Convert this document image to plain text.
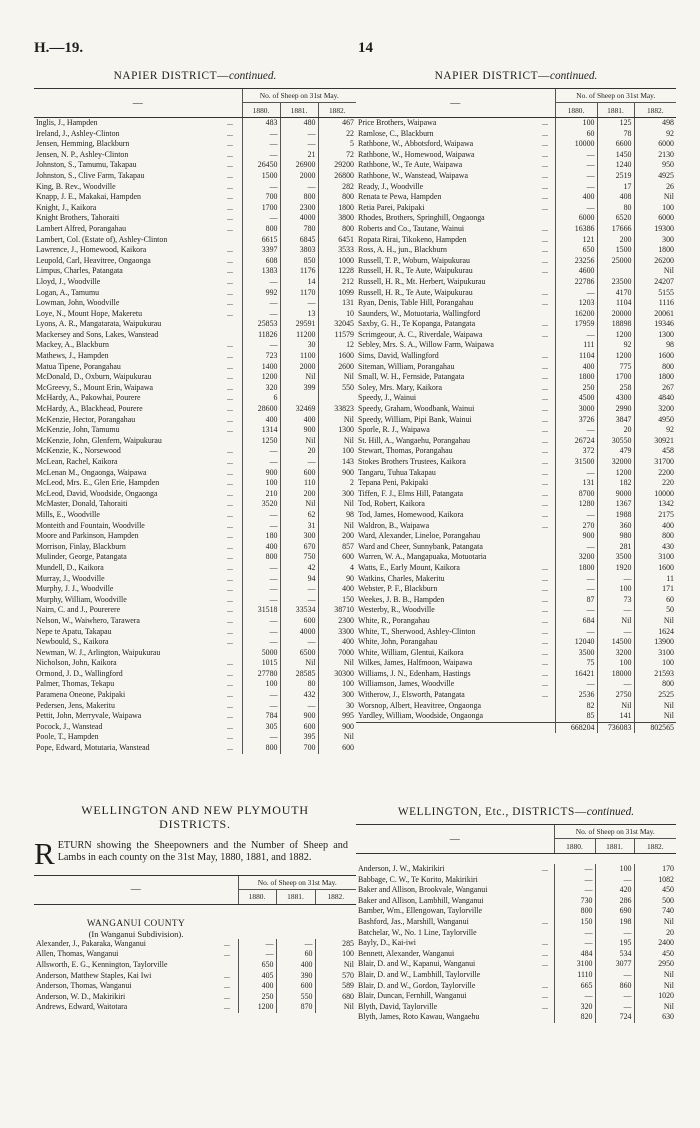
H.—19.	14
NAPIER DISTRICT—continued.
—	No. of Sheep on 31st May.		
	1880.	1881.	1882.
Inglis, J., Hampden	...	483	480	467
Ireland, J., Ashley-Clinton	...	—	—	22
Jensen, Hemming, Blackburn	...	—	—	5
Jensen, N. P., Ashley-Clinton	...	—	21	72
Johnston, S., Tamumu, Takapau	...	26450	26900	29200
Johnston, S., Clive Farm, Takapau	...	1500	2000	26800
King, B. Rev., Woodville	...	—	—	282
Knapp, J. E., Makakai, Hampden	...	700	800	800
Knight, J., Kaikora	...	1700	2300	1800
Knight Brothers, Tahoraiti	...	—	4000	3800
Lambert Alfred, Porangahau	...	800	780	800
Lambert, Col. (Estate of), Ashley-Clinton		6615	6845	6451
Lawrence, J., Homewood, Kaikora	...	3397	3803	3533
Leupold, Carl, Heavitree, Ongaonga	...	608	850	1000
Limpus, Charles, Patangata	...	1383	1176	1228
Lloyd, J., Woodville	...	—	14	212
Logan, A., Tamumu	...	992	1170	1099
Lowman, John, Woodville	...	—	—	131
Loye, N., Mount Hope, Makeretu	...	—	13	10
Lyons, A. R., Mangatarata, Waipukurau		25853	29591	32045
Mackersey and Sons, Lakes, Wanstead		11826	11200	11579
Mackey, A., Blackburn	...	—	30	12
Mathews, J., Hampden	...	723	1100	1600
Matua Tipene, Porangahau	...	1400	2000	2600
McDonald, D., Oxburn, Waipukurau	...	1200	Nil	Nil
McGreevy, S., Mount Erin, Waipawa	...	320	399	550
McHardy, A., Pakowhai, Pourere	...	6		
McHardy, A., Blackhead, Pourere	...	28600	32469	33823
McKenzie, Hector, Porangahau	...	400	400	Nil
McKenzie, John, Tamumu	...	1314	900	1300
McKenzie, John, Glenfern, Waipukurau		1250	Nil	Nil
McKenzie, K., Norsewood	...	—	20	100
McLean, Rachel, Kaikora	...	—	—	143
McLenan M., Ongaonga, Waipawa	...	900	600	900
McLeod, Mrs. E., Glen Erie, Hampden	...	100	110	2
McLeod, David, Woodside, Ongaonga	...	210	200	300
McMaster, Donald, Tahoraiti	...	3520	Nil	Nil
Mills, E., Woodville	...	—	62	98
Monteith and Fountain, Woodville	...	—	31	Nil
Moore and Parkinson, Hampden	...	180	300	200
Morrison, Finlay, Blackburn	...	400	670	857
Mulinder, George, Patangata	...	800	750	600
Mundell, D., Kaikora	...	—	42	4
Murray, J., Woodville	...	—	94	90
Murphy, J. J., Woodville	...	—	—	400
Murphy, William, Woodville	...	—	—	150
Nairn, C. and J., Pourerere	...	31518	33534	38710
Nelson, W., Waiwhero, Tarawera	...	—	600	2300
Nepe te Apatu, Takapau	...	—	4000	3300
Newbould, S., Kaikora	...	—	—	400
Newman, W. J., Arlington, Waipukurau		5000	6500	7000
Nicholson, John, Kaikora	...	1015	Nil	Nil
Ormond, J. D., Wallingford	...	27780	28585	30300
Palmer, Thomas, Tekapu	...	100	80	100
Paramena Oneone, Pakipaki	...	—	432	300
Pedersen, Jens, Makeritu	...	—	—	30
Pettit, John, Merryvale, Waipawa	...	784	900	995
Pocock, J., Wanstead	...	305	600	900
Poole, T., Hampden	...	—	395	Nil
Pope, Edward, Motutaria, Wanstead	...	800	700	600
NAPIER DISTRICT—continued.
—	No. of Sheep on 31st May.		
	1880.	1881.	1882.
Price Brothers, Waipawa	...	100	125	498
Ramlose, C., Blackburn	...	60	78	92
Rathbone, W., Abbotsford, Waipawa	...	10000	6600	6000
Rathbone, W., Homewood, Waipawa	...	—	1450	2130
Rathbone, W., Te Aute, Waipawa	...	—	1240	950
Rathbone, W., Wanstead, Waipawa	...	—	2519	4925
Ready, J., Woodville	...	—	17	26
Renata te Pewa, Hampden	...	400	408	Nil
Retia Parei, Pakipaki	...	—	80	100
Rhodes, Brothers, Springhill, Ongaonga		6000	6520	6000
Roberts and Co., Tautane, Wainui	...	16386	17666	19300
Ropata Rirai, Tikokeno, Hampden	...	121	200	300
Ross, A. H., jun., Blackburn	...	650	1500	1800
Russell, T. P., Woburn, Waipukurau	...	23256	25000	26200
Russell, H. R., Te Aute, Waipukurau	...	4600		Nil
Russell, H. R., Mt. Herbert, Waipukurau		22786	23500	24207
Russell, H. R., Te Aute, Waipukurau	...	—	4170	5155
Ryan, Denis, Table Hill, Porangahau	...	1203	1104	1116
Saunders, W., Motuotaria, Wallingford		16200	20000	20061
Saxby, G. H., Te Kopanga, Patangata	...	17959	18898	19346
Scrimgeour, A. C., Riverdale, Waipawa	...	—	1200	1300
Sebley, Mrs. S. A., Willow Farm, Waipawa		111	92	98
Sims, David, Wallingford	...	1104	1200	1600
Siteman, William, Porangahau	...	400	775	800
Small, W. H., Fernside, Patangata	...	1800	1700	1800
Soley, Mrs. Mary, Kaikora	...	250	258	267
Speedy, J., Wainui	...	4500	4300	4840
Speedy, Graham, Woodbank, Wainui	...	3000	2990	3200
Speedy, William, Pipi Bank, Wainui	...	3726	3847	4950
Sporle, R. J., Waipawa	...	—	20	92
St. Hill, A., Wangaehu, Porangahau	...	26724	30550	30921
Stewart, Thomas, Porangahau	...	372	479	458
Stokes Brothers Trustees, Kaikora	...	31500	32000	31700
Tangaru, Tuhua Takapau	...	—	1200	2200
Tepana Peni, Pakipaki	...	131	182	220
Tiffen, F. J., Elms Hill, Patangata	...	8700	9000	10000
Tod, Robert, Kaikora	...	1280	1367	1342
Tod, James, Homewood, Kaikora	...	—	1988	2175
Waldron, B., Waipawa	...	270	360	400
Ward, Alexander, Lineloe, Porangahau		900	980	800
Ward and Cheer, Sunnybank, Patangata		—	281	430
Warren, W. A., Mangapuaka, Motuotaria		3200	3500	3100
Watts, E., Early Mount, Kaikora	...	1800	1920	1600
Watkins, Charles, Makeritu	...	—	—	11
Webster, P. F., Blackburn	...	—	100	171
Weekes, J. B. B., Hampden	...	87	73	60
Westerby, R., Woodville	...	—	—	50
White, R., Porangahau	...	684	Nil	Nil
White, T., Sherwood, Ashley-Clinton	...	—	—	1624
White, John, Porangahau	...	12040	14500	13900
White, William, Glentui, Kaikora	...	3500	3200	3100
Wilkes, James, Halfmoon, Waipawa	...	75	100	100
Williams, J. N., Edenham, Hastings	...	16421	18000	21593
Williamson, James, Woodville	...	—	—	800
Witherow, J., Elsworth, Patangata	...	2536	2750	2525
Worsnop, Albert, Heavitree, Ongaonga		82	Nil	Nil
Yardley, William, Woodside, Ongaonga		85	141	Nil
		668204	736083	802565
WELLINGTON AND NEW PLYMOUTH
DISTRICTS.
R ETURN showing the Sheepowners and the Number of Sheep and Lambs in each county on the 31st May, 1880, 1881, and 1882.
—	No. of Sheep on 31st May.		
	1880.	1881.	1882.
WANGANUI COUNTY
(In Wanganui Subdivision).
Alexander, J., Pakaraka, Wanganui	...	—	—	285
Allen, Thomas, Wanganui	...	—	60	100
Allsworth, E. G., Kennington, Taylorville		650	400	Nil
Anderson, Matthew Staples, Kai Iwi	...	405	390	570
Anderson, Thomas, Wanganui	...	400	600	589
Anderson, W. D., Makirikiri	...	250	550	680
Andrews, Edward, Waitotara	...	1200	870	Nil
WELLINGTON, Etc., DISTRICTS—continued.
—	No. of Sheep on 31st May.		
	1880.	1881.	1882.
Anderson, J. W., Makirikiri	...	—	100	170
Babbage, C. W., Te Korito, Makirikiri		—	—	1082
Baker and Allison, Brookvale, Wanganui		—	420	450
Baker and Allison, Lambhill, Wanganui		730	286	500
Bamber, Wm., Ellengowan, Taylorville		800	690	740
Bashford, Jas., Marshill, Wanganui	...	150	198	Nil
Batchelar, W., No. 1 Line, Taylorville		—	—	20
Bayly, D., Kai-iwi	...	—	195	2400
Bennett, Alexander, Wanganui	...	484	534	450
Blair, D. and W., Kapanui, Wanganui	...	3100	3077	2950
Blair, D. and W., Lambhill, Taylorville		1110	—	Nil
Blair, D. and W., Gordon, Taylorville	...	665	860	Nil
Blair, Duncan, Fernhill, Wanganui	...	—	—	1020
Blyth, David, Taylorville	...	320	—	Nil
Blyth, James, Roto Kawau, Wangaehu		820	724	630
